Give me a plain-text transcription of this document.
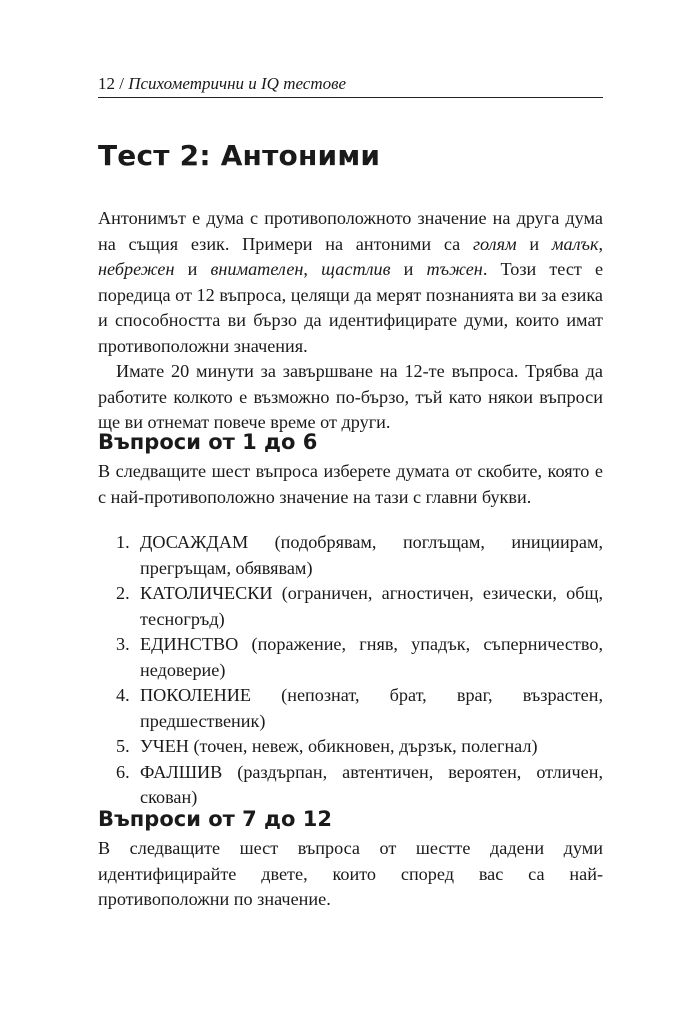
12 / Психометрични и IQ тестове
Тест 2: Антоними

Антонимът е дума с противоположното значение на друга дума на същия език. Примери на антоними са голям и малък, небрежен и внимателен, щастлив и тъжен. Този тест е поредица от 12 въпроса, целящи да мерят познанията ви за езика и способността ви бързо да идентифицирате думи, които имат противоположни значения.

Имате 20 минути за завършване на 12-те въпроса. Трябва да работите колкото е възможно по-бързо, тъй като някои въпроси ще ви отнемат повече време от други.

Въпроси от 1 до 6

В следващите шест въпроса изберете думата от скобите, която е с най-противоположно значение на тази с главни букви.

1. ДОСАЖДАМ (подобрявам, поглъщам, инициирам, прегръщам, обявявам)
2. КАТОЛИЧЕСКИ (ограничен, агностичен, езически, общ, тесногръд)
3. ЕДИНСТВО (поражение, гняв, упадък, съперничество, недоверие)
4. ПОКОЛЕНИЕ (непознат, брат, враг, възрастен, предшественик)
5. УЧЕН (точен, невеж, обикновен, дързък, полегнал)
6. ФАЛШИВ (раздърпан, автентичен, вероятен, отличен, скован)
Въпроси от 7 до 12

В следващите шест въпроса от шестте дадени думи идентифицирайте двете, които според вас са най-противоположни по значение.
